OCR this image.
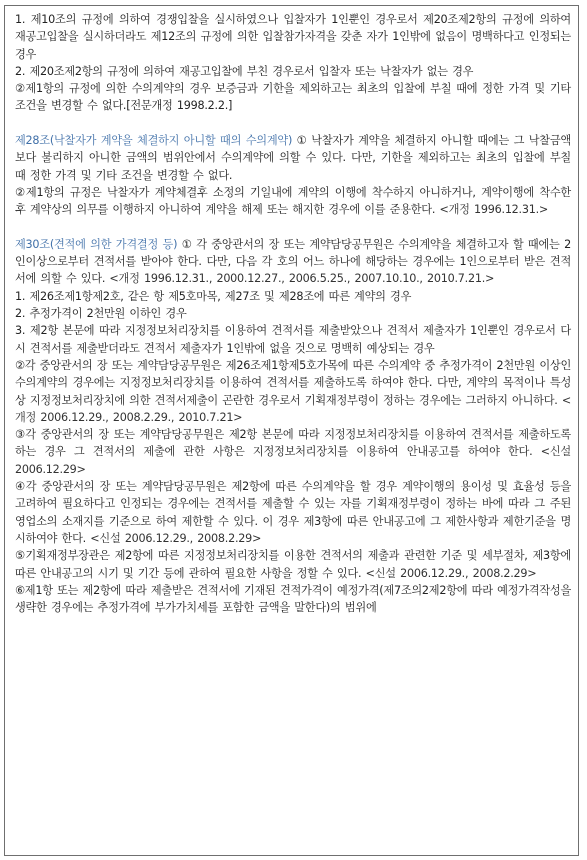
1. 제10조의 규정에 의하여 경쟁입찰을 실시하였으나 입찰자가 1인뿐인 경우로서 제20조제2항의 규정에 의하여 재공고입찰을 실시하더라도 제12조의 규정에 의한 입찰참가자격을 갖춘 자가 1인밖에 없음이 명백하다고 인정되는 경우

2. 제20조제2항의 규정에 의하여 재공고입찰에 부친 경우로서 입찰자 또는 낙찰자가 없는 경우

②제1항의 규정에 의한 수의계약의 경우 보증금과 기한을 제외하고는 최초의 입찰에 부칠 때에 정한 가격 및 기타 조건을 변경할 수 없다.[전문개정 1998.2.2.]

제28조(낙찰자가 계약을 체결하지 아니할 때의 수의계약) ① 낙찰자가 계약을 체결하지 아니할 때에는 그 낙찰금액보다 불리하지 아니한 금액의 범위안에서 수의계약에 의할 수 있다. 다만, 기한을 제외하고는 최초의 입찰에 부칠 때 정한 가격 및 기타 조건을 변경할 수 없다.

②제1항의 규정은 낙찰자가 계약체결후 소정의 기일내에 계약의 이행에 착수하지 아니하거나, 계약이행에 착수한 후 계약상의 의무를 이행하지 아니하여 계약을 해제 또는 해지한 경우에 이를 준용한다. <개정 1996.12.31.>

제30조(견적에 의한 가격결정 등) ① 각 중앙관서의 장 또는 계약담당공무원은 수의계약을 체결하고자 할 때에는 2인이상으로부터 견적서를 받아야 한다. 다만, 다음 각 호의 어느 하나에 해당하는 경우에는 1인으로부터 받은 견적서에 의할 수 있다. <개정 1996.12.31., 2000.12.27., 2006.5.25., 2007.10.10., 2010.7.21.>

1. 제26조제1항제2호, 같은 항 제5호마목, 제27조 및 제28조에 따른 계약의 경우

2. 추정가격이 2천만원 이하인 경우

3. 제2항 본문에 따라 지정정보처리장치를 이용하여 견적서를 제출받았으나 견적서 제출자가 1인뿐인 경우로서 다시 견적서를 제출받더라도 견적서 제출자가 1인밖에 없을 것으로 명백히 예상되는 경우

②각 중앙관서의 장 또는 계약담당공무원은 제26조제1항제5호가목에 따른 수의계약 중 추정가격이 2천만원 이상인 수의계약의 경우에는 지정정보처리장치를 이용하여 견적서를 제출하도록 하여야 한다. 다만, 계약의 목적이나 특성상 지정정보처리장치에 의한 견적서제출이 곤란한 경우로서 기획재정부령이 정하는 경우에는 그러하지 아니하다. <개정 2006.12.29., 2008.2.29., 2010.7.21>

③각 중앙관서의 장 또는 계약담당공무원은 제2항 본문에 따라 지정정보처리장치를 이용하여 견적서를 제출하도록 하는 경우 그 견적서의 제출에 관한 사항은 지정정보처리장치를 이용하여 안내공고를 하여야 한다. <신설 2006.12.29>

④각 중앙관서의 장 또는 계약담당공무원은 제2항에 따른 수의계약을 할 경우 계약이행의 용이성 및 효율성 등을 고려하여 필요하다고 인정되는 경우에는 견적서를 제출할 수 있는 자를 기획재정부령이 정하는 바에 따라 그 주된 영업소의 소재지를 기준으로 하여 제한할 수 있다. 이 경우 제3항에 따른 안내공고에 그 제한사항과 제한기준을 명시하여야 한다. <신설 2006.12.29., 2008.2.29>

⑤기획재정부장관은 제2항에 따른 지정정보처리장치를 이용한 견적서의 제출과 관련한 기준 및 세부절차, 제3항에 따른 안내공고의 시기 및 기간 등에 관하여 필요한 사항을 정할 수 있다. <신설 2006.12.29., 2008.2.29>

⑥제1항 또는 제2항에 따라 제출받은 견적서에 기재된 견적가격이 예정가격(제7조의2제2항에 따라 예정가격작성을 생략한 경우에는 추정가격에 부가가치세를 포함한 금액을 말한다)의 범위에
